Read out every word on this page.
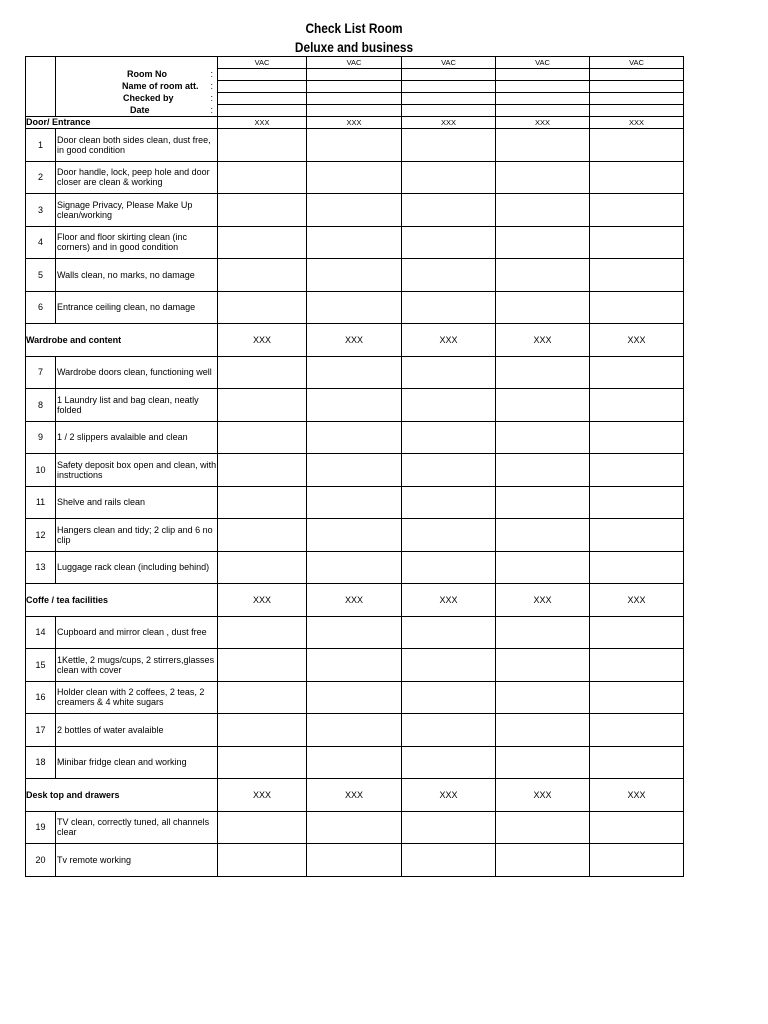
Check List Room
Deluxe and business
		VAC	VAC	VAC	VAC	VAC
	Room No :					

	Name of room att. :					

	Checked by :					

	Date :					

Door/ Entrance		XXX	XXX	XXX	XXX	XXX
1	Door clean both sides clean, dust free, in good condition					
2	Door handle, lock, peep hole and door closer are clean & working					
3	Signage Privacy, Please Make Up clean/working					
4	Floor and floor skirting clean (inc corners) and in good condition					
5	Walls clean, no marks, no damage					
6	Entrance ceiling clean, no damage					
Wardrobe and content		XXX	XXX	XXX	XXX	XXX
7	Wardrobe doors clean, functioning well					
8	1 Laundry list and bag clean, neatly folded					
9	1 / 2 slippers avalaible and clean					
10	Safety deposit box open and clean, with instructions					
11	Shelve and rails clean					
12	Hangers clean and tidy; 2 clip and 6 no clip					
13	Luggage rack clean (including behind)					
Coffe / tea facilities		XXX	XXX	XXX	XXX	XXX
14	Cupboard and mirror clean , dust free					
15	1Kettle, 2 mugs/cups, 2 stirrers,glasses clean with cover					
16	Holder clean with 2 coffees, 2 teas, 2 creamers & 4 white sugars					
17	2 bottles of water avalaible					
18	Minibar fridge clean and working					
Desk top and drawers		XXX	XXX	XXX	XXX	XXX
19	TV clean, correctly tuned, all channels clear					
20	Tv remote working					
